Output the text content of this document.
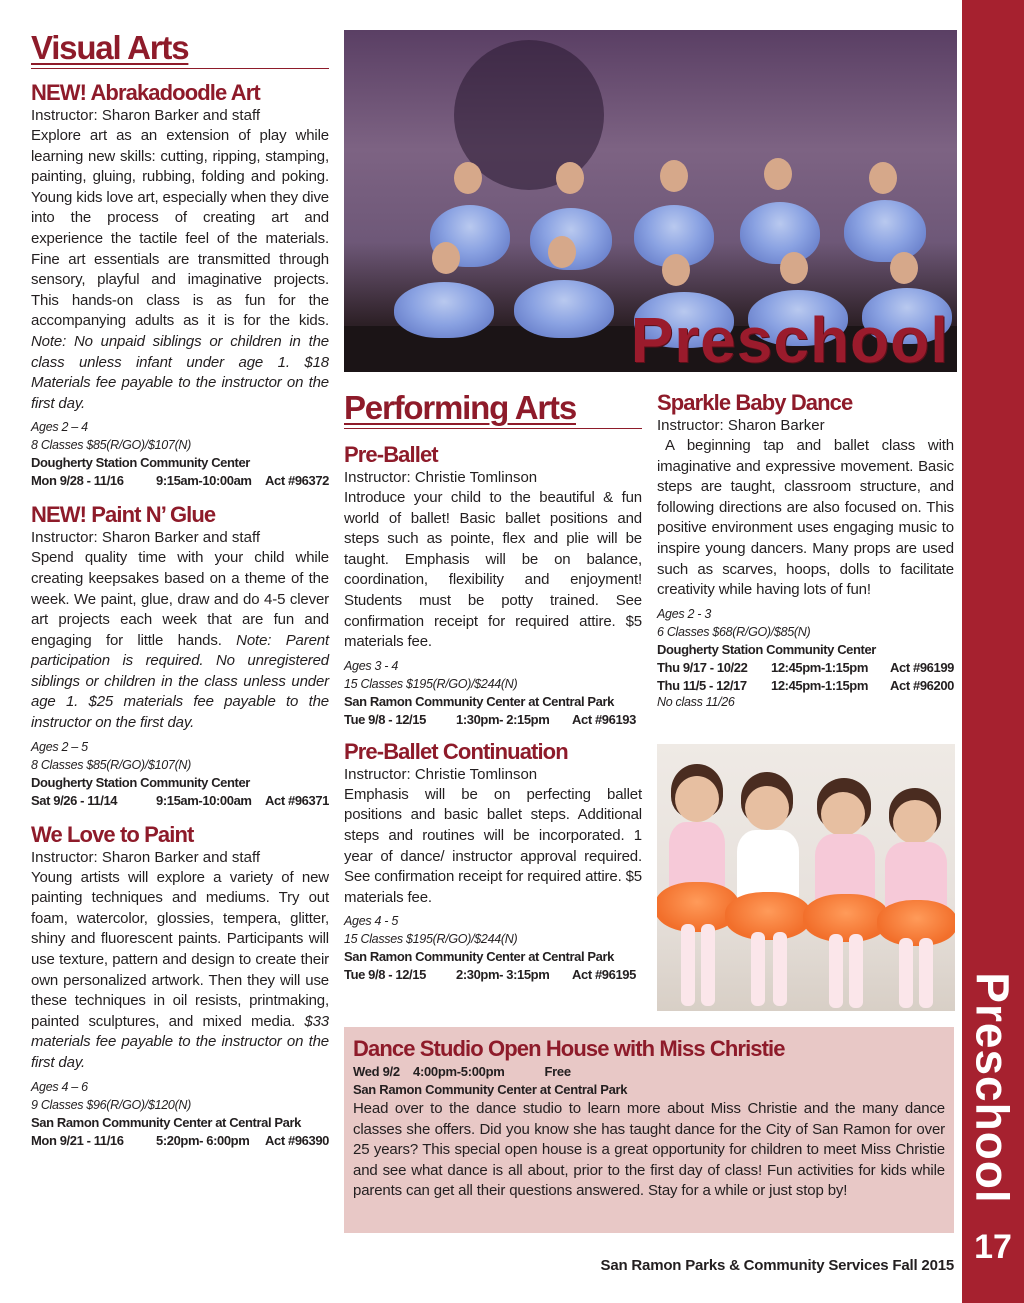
Preschool
17
Preschool
Visual Arts
NEW! Abrakadoodle Art
Instructor: Sharon Barker and staff
Explore art as an extension of play while learning new skills: cutting, ripping, stamping, painting, gluing, rubbing, folding and poking. Young kids love art, especially when they dive into the process of creating art and experience the tactile feel of the materials. Fine art essentials are transmitted through sensory, playful and imaginative projects. This hands-on class is as fun for the accompanying adults as it is for the kids. Note: No unpaid siblings or children in the class unless infant under age 1. $18 Materials fee payable to the instructor on the first day.
Ages 2 – 4
8 Classes $85(R/GO)/$107(N)
Dougherty Station Community Center
Mon 9/28 - 11/16	9:15am-10:00am	Act #96372
NEW! Paint N’ Glue
Instructor: Sharon Barker and staff
Spend quality time with your child while creating keepsakes based on a theme of the week. We paint, glue, draw and do 4-5 clever art projects each week that are fun and engaging for little hands. Note: Parent participation is required. No unregistered siblings or children in the class unless under age 1. $25 materials fee payable to the instructor on the first day.
Ages 2 – 5
8 Classes $85(R/GO)/$107(N)
Dougherty Station Community Center
Sat 9/26 - 11/14	9:15am-10:00am	Act #96371
We Love to Paint
Instructor: Sharon Barker and staff
Young artists will explore a variety of new painting techniques and mediums. Try out foam, watercolor, glossies, tempera, glitter, shiny and fluorescent paints. Participants will use texture, pattern and design to create their own personalized artwork. Then they will use these techniques in oil resists, printmaking, painted sculptures, and mixed media. $33 materials fee payable to the instructor on the first day.
Ages 4 – 6
9 Classes $96(R/GO)/$120(N)
San Ramon Community Center at Central Park
Mon 9/21 - 11/16	5:20pm- 6:00pm	Act #96390
Performing Arts
Pre-Ballet
Instructor: Christie Tomlinson
Introduce your child to the beautiful & fun world of ballet! Basic ballet positions and steps such as pointe, flex and plie will be taught. Emphasis will be on balance, coordination, flexibility and enjoyment! Students must be potty trained. See confirmation receipt for required attire. $5 materials fee.
Ages 3 - 4
15 Classes $195(R/GO)/$244(N)
San Ramon Community Center at Central Park
Tue 9/8 - 12/15	1:30pm- 2:15pm	Act #96193
Pre-Ballet Continuation
Instructor: Christie Tomlinson
Emphasis will be on perfecting ballet positions and basic ballet steps. Additional steps and routines will be incorporated. 1 year of dance/ instructor approval required. See confirmation receipt for required attire. $5 materials fee.
Ages 4 - 5
15 Classes $195(R/GO)/$244(N)
San Ramon Community Center at Central Park
Tue 9/8 - 12/15	2:30pm- 3:15pm	Act #96195
Sparkle Baby Dance
Instructor: Sharon Barker
A beginning tap and ballet class with imaginative and expressive movement. Basic steps are taught, classroom structure, and following directions are also focused on. This positive environment uses engaging music to inspire young dancers. Many props are used such as scarves, hoops, dolls to facilitate creativity while having lots of fun!
Ages 2 - 3
6 Classes $68(R/GO)/$85(N)
Dougherty Station Community Center
Thu 9/17 - 10/22	12:45pm-1:15pm	Act #96199
Thu 11/5 - 12/17	12:45pm-1:15pm	Act #96200
No class 11/26
Dance Studio Open House with Miss Christie
Wed 9/2 4:00pm-5:00pm	Free
San Ramon Community Center at Central Park
Head over to the dance studio to learn more about Miss Christie and the many dance classes she offers. Did you know she has taught dance for the City of San Ramon for over 25 years? This special open house is a great opportunity for children to meet Miss Christie and see what dance is all about, prior to the first day of class! Fun activities for kids while parents can get all their questions answered. Stay for a while or just stop by!
San Ramon Parks & Community Services Fall 2015
